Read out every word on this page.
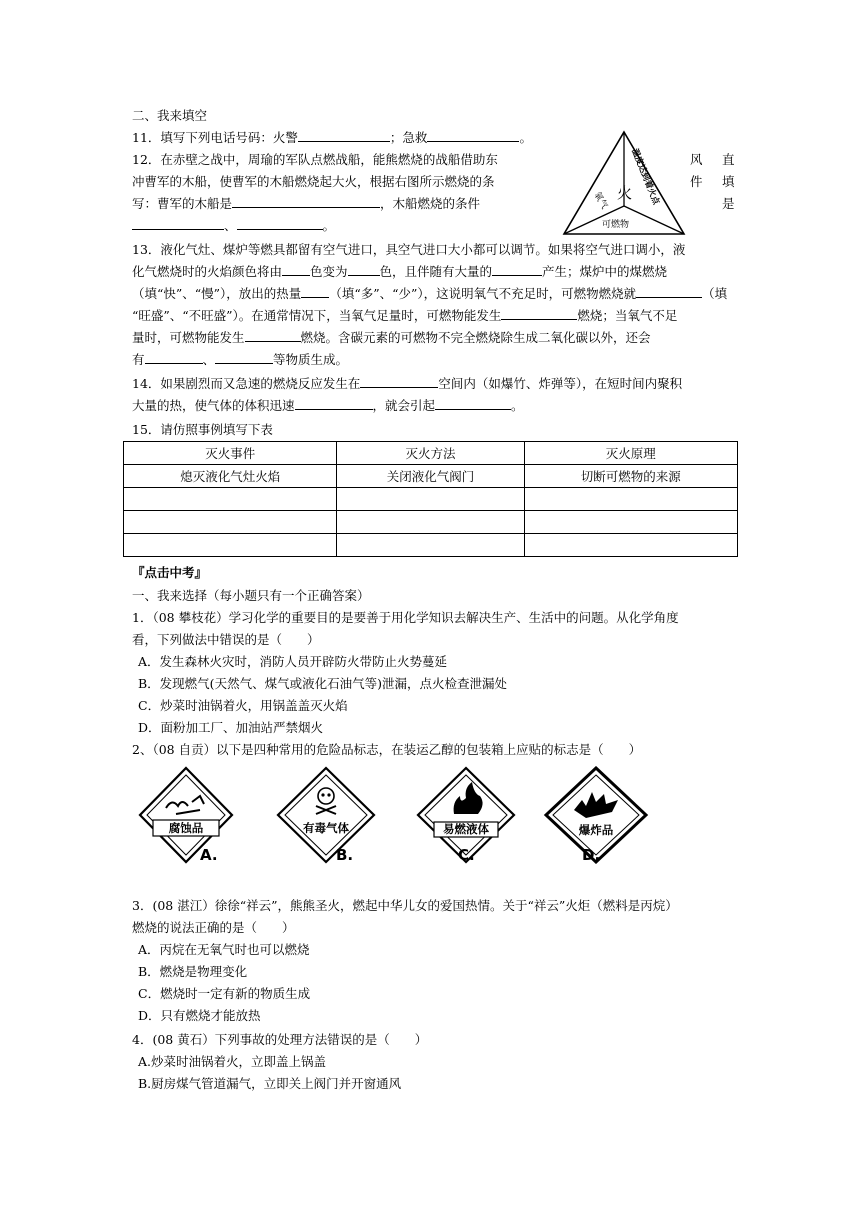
二、我来填空
11．填写下列电话号码：火警	；急救	。
12．在赤壁之战中，周瑜的军队点燃战船，能熊燃烧的战船借助东	风 直
冲曹军的木船，使曹军的木船燃烧起大火，根据右图所示燃烧的条	件 填
写：曹军的木船是	，木船燃烧的条件	是
、	。
火
氧气 温度达到着火点
可燃物
13．液化气灶、煤炉等燃具都留有空气进口，具空气进口大小都可以调节。如果将空气进口调小，液
化气燃烧时的火焰颜色将由 色变为	色，且伴随有大量的	产生；煤炉中的煤燃烧
（填“快”、“慢”），放出的热量 （填“多”、“少”），这说明氧气不充足时，可燃物燃烧就	（填
“旺盛”、“不旺盛”）。在通常情况下，当氧气足量时，可燃物能发生	燃烧；当氧气不足
量时，可燃物能发生	燃烧。含碳元素的可燃物不完全燃烧除生成二氧化碳以外，还会
有	、	等物质生成。
14．如果剧烈而又急速的燃烧反应发生在	空间内（如爆竹、炸弹等），在短时间内聚积
大量的热，使气体的体积迅速	，就会引起	。
15．请仿照事例填写下表
灭火事件	灭火方法	灭火原理
熄灭液化气灶火焰	关闭液化气阀门	切断可燃物的来源

『点击中考』
一、我来选择（每小题只有一个正确答案）
1．（08 攀枝花）学习化学的重要目的是要善于用化学知识去解决生产、生活中的问题。从化学角度
看，下列做法中错误的是（　　）
A．发生森林火灾时，消防人员开辟防火带防止火势蔓延
B．发现燃气(天然气、煤气或液化石油气等)泄漏，点火检查泄漏处
C．炒菜时油锅着火，用锅盖盖灭火焰
D．面粉加工厂、加油站严禁烟火
2、（08 自贡）以下是四种常用的危险品标志，在装运乙醇的包装箱上应贴的标志是（　　）
腐蚀品	有毒气体	易燃液体	爆炸品
A.	B.	C.	D.
3．(08 湛江）徐徐“祥云”，熊熊圣火，燃起中华儿女的爱国热情。关于“祥云”火炬（燃料是丙烷）
燃烧的说法正确的是（　　）
A．丙烷在无氧气时也可以燃烧
B．燃烧是物理变化
C．燃烧时一定有新的物质生成
D．只有燃烧才能放热
4．(08 黄石）下列事故的处理方法错误的是（　　）
A.炒菜时油锅着火，立即盖上锅盖
B.厨房煤气管道漏气，立即关上阀门并开窗通风
